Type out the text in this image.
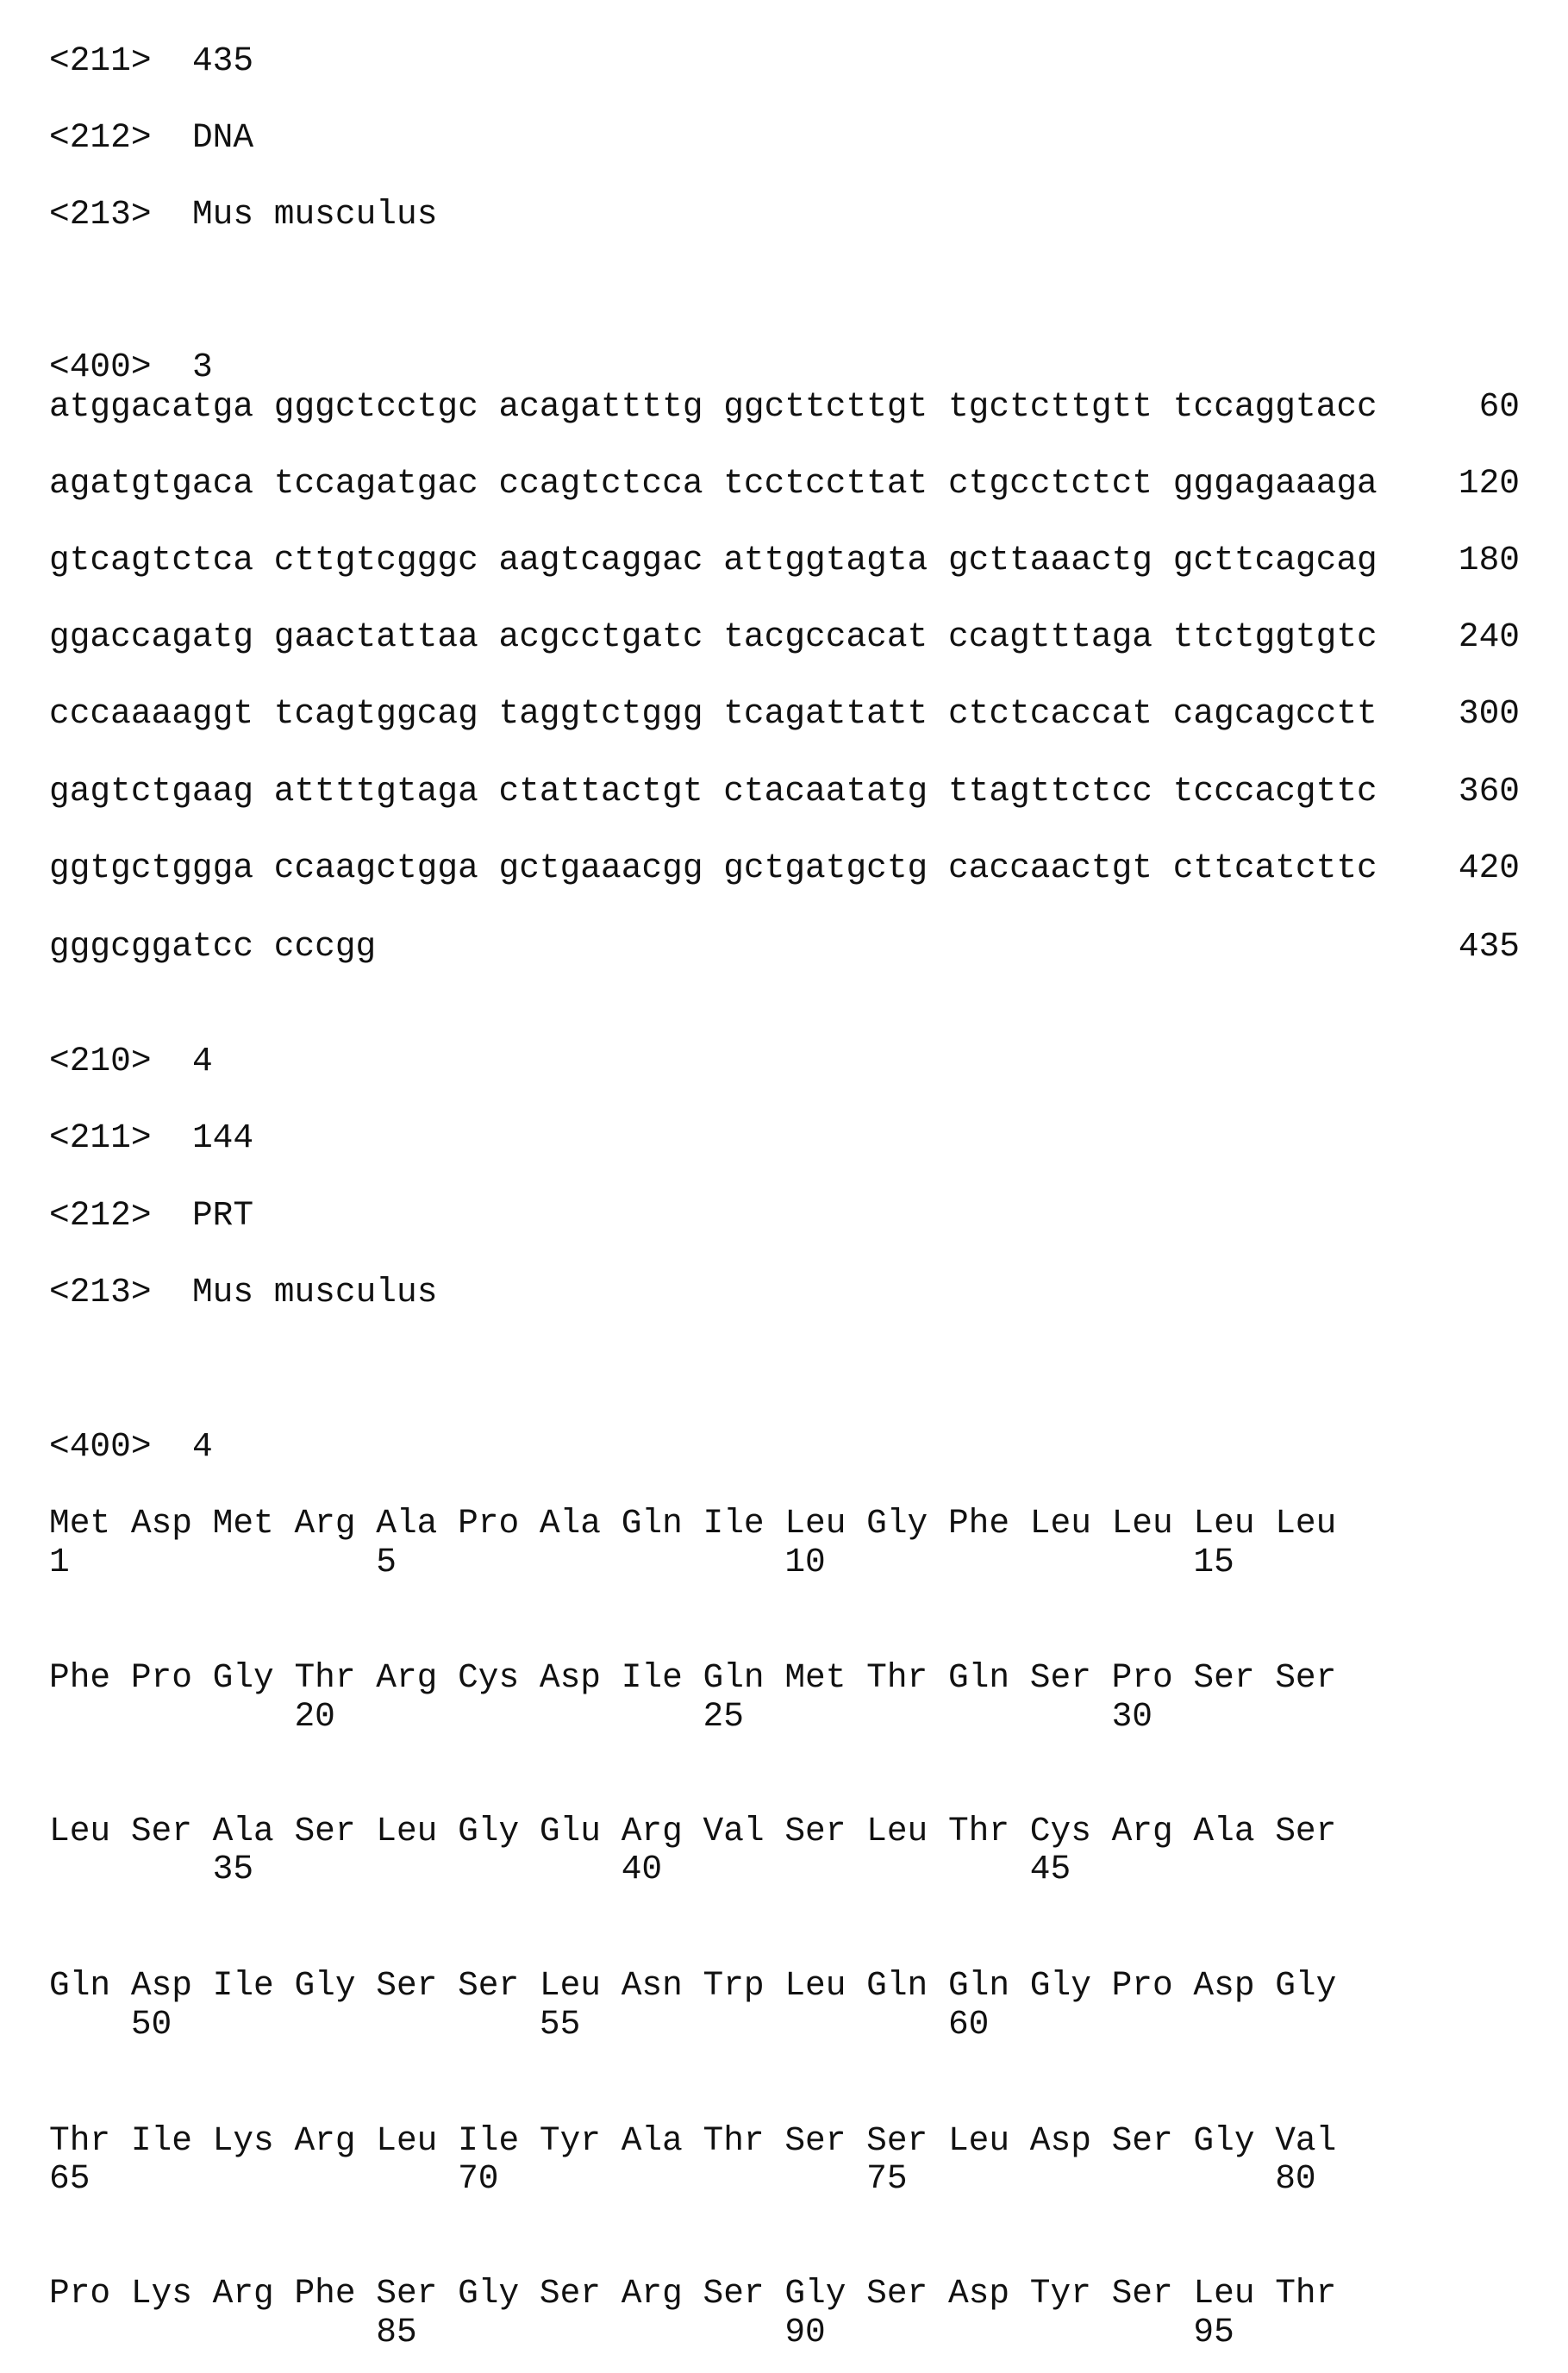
<211> 435
<212> DNA
<213> Mus musculus
<400> 3
atggacatga gggctcctgc acagattttg ggcttcttgt tgctcttgtt tccaggtacc	60
agatgtgaca tccagatgac ccagtctcca tcctccttat ctgcctctct gggagaaaga 120
gtcagtctca cttgtcgggc aagtcaggac attggtagta gcttaaactg gcttcagcag 180
ggaccagatg gaactattaa acgcctgatc tacgccacat ccagtttaga ttctggtgtc 240
cccaaaaggt tcagtggcag taggtctggg tcagattatt ctctcaccat cagcagcctt 300
gagtctgaag attttgtaga ctattactgt ctacaatatg ttagttctcc tcccacgttc 360
ggtgctggga ccaagctgga gctgaaacgg gctgatgctg caccaactgt cttcatcttc 420
gggcggatcc cccgg	435
<210> 4
<211> 144
<212> PRT
<213> Mus musculus
<400> 4
Met Asp Met Arg Ala Pro Ala Gln Ile Leu Gly Phe Leu Leu Leu Leu
1               5                   10                  15
Phe Pro Gly Thr Arg Cys Asp Ile Gln Met Thr Gln Ser Pro Ser Ser
20                  25                  30
Leu Ser Ala Ser Leu Gly Glu Arg Val Ser Leu Thr Cys Arg Ala Ser
35                  40                  45
Gln Asp Ile Gly Ser Ser Leu Asn Trp Leu Gln Gln Gly Pro Asp Gly
50                  55                  60
Thr Ile Lys Arg Leu Ile Tyr Ala Thr Ser Ser Leu Asp Ser Gly Val
65                  70                  75                  80
Pro Lys Arg Phe Ser Gly Ser Arg Ser Gly Ser Asp Tyr Ser Leu Thr
85                  90                  95
